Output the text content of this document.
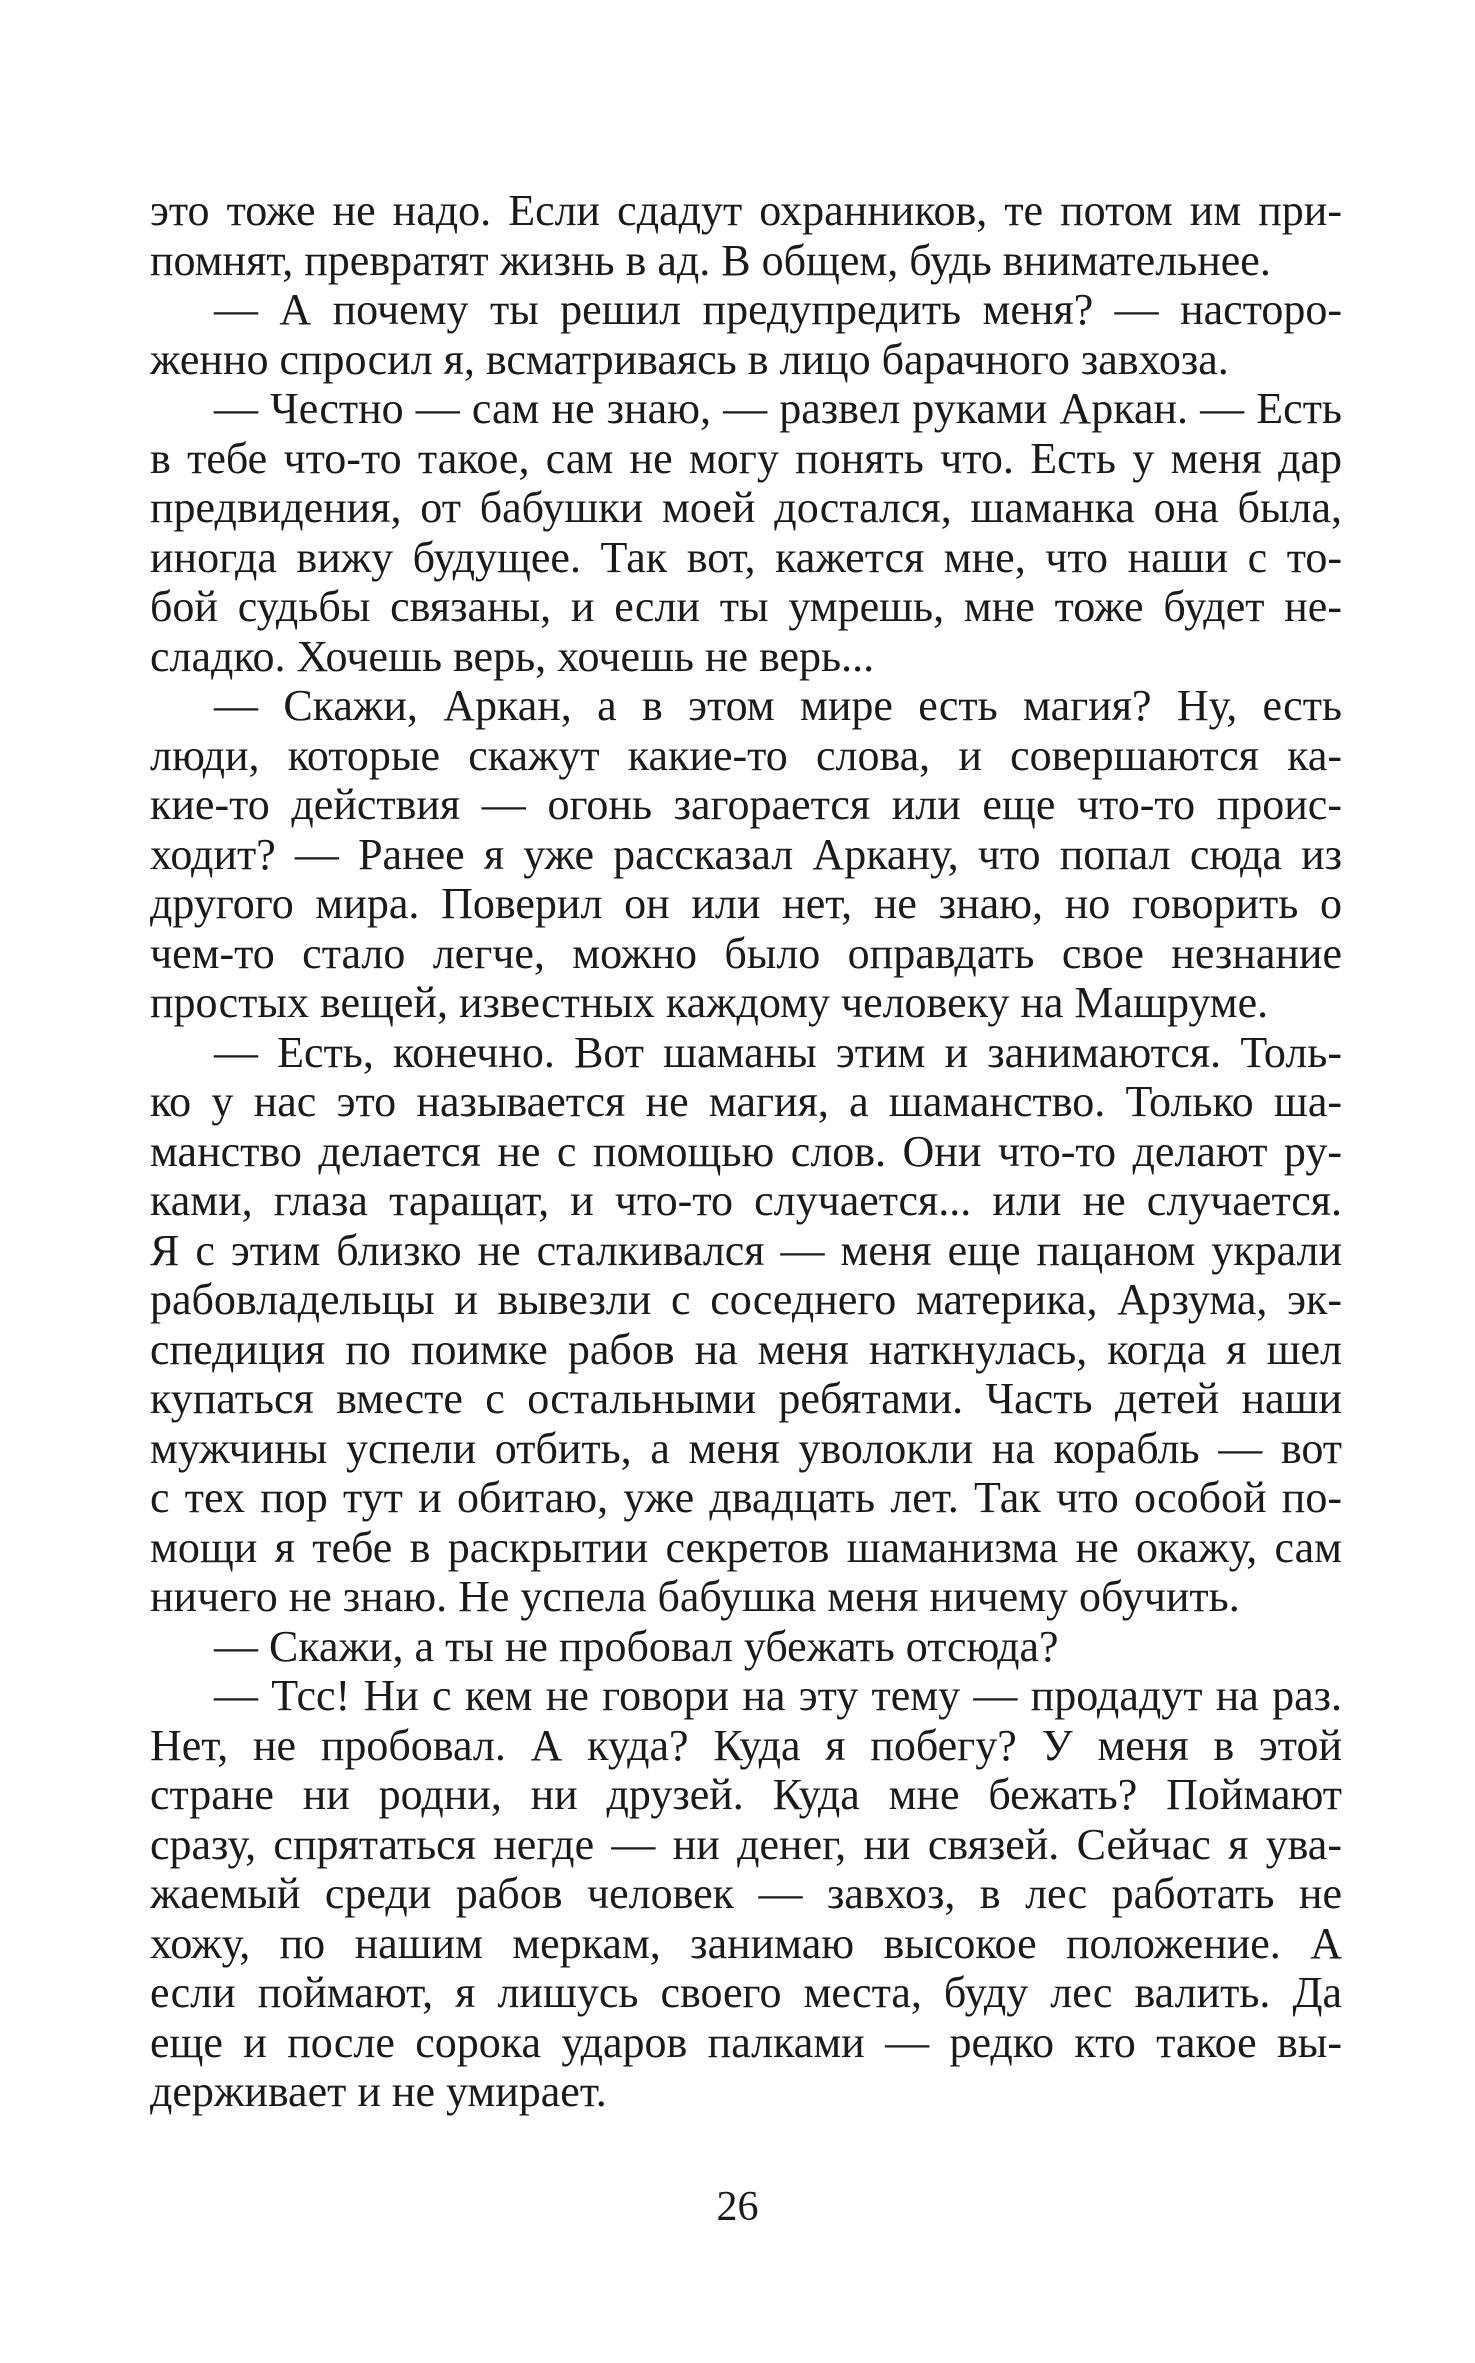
это тоже не надо. Если сдадут охранников, те потом им при-
помнят, превратят жизнь в ад. В общем, будь внимательнее.
— А почему ты решил предупредить меня? — насторо-
женно спросил я, всматриваясь в лицо барачного завхоза.
— Честно — сам не знаю, — развел руками Аркан. — Есть
в тебе что-то такое, сам не могу понять что. Есть у меня дар
предвидения, от бабушки моей достался, шаманка она была,
иногда вижу будущее. Так вот, кажется мне, что наши с то-
бой судьбы связаны, и если ты умрешь, мне тоже будет не-
сладко. Хочешь верь, хочешь не верь...
— Скажи, Аркан, а в этом мире есть магия? Ну, есть
люди, которые скажут какие-то слова, и совершаются ка-
кие-то действия — огонь загорается или еще что-то проис-
ходит? — Ранее я уже рассказал Аркану, что попал сюда из
другого мира. Поверил он или нет, не знаю, но говорить о
чем-то стало легче, можно было оправдать свое незнание
простых вещей, известных каждому человеку на Машруме.
— Есть, конечно. Вот шаманы этим и занимаются. Толь-
ко у нас это называется не магия, а шаманство. Только ша-
манство делается не с помощью слов. Они что-то делают ру-
ками, глаза таращат, и что-то случается... или не случается.
Я с этим близко не сталкивался — меня еще пацаном украли
рабовладельцы и вывезли с соседнего материка, Арзума, эк-
спедиция по поимке рабов на меня наткнулась, когда я шел
купаться вместе с остальными ребятами. Часть детей наши
мужчины успели отбить, а меня уволокли на корабль — вот
с тех пор тут и обитаю, уже двадцать лет. Так что особой по-
мощи я тебе в раскрытии секретов шаманизма не окажу, сам
ничего не знаю. Не успела бабушка меня ничему обучить.
— Скажи, а ты не пробовал убежать отсюда?
— Тсс! Ни с кем не говори на эту тему — продадут на раз.
Нет, не пробовал. А куда? Куда я побегу? У меня в этой
стране ни родни, ни друзей. Куда мне бежать? Поймают
сразу, спрятаться негде — ни денег, ни связей. Сейчас я ува-
жаемый среди рабов человек — завхоз, в лес работать не
хожу, по нашим меркам, занимаю высокое положение. А
если поймают, я лишусь своего места, буду лес валить. Да
еще и после сорока ударов палками — редко кто такое вы-
держивает и не умирает.
26
